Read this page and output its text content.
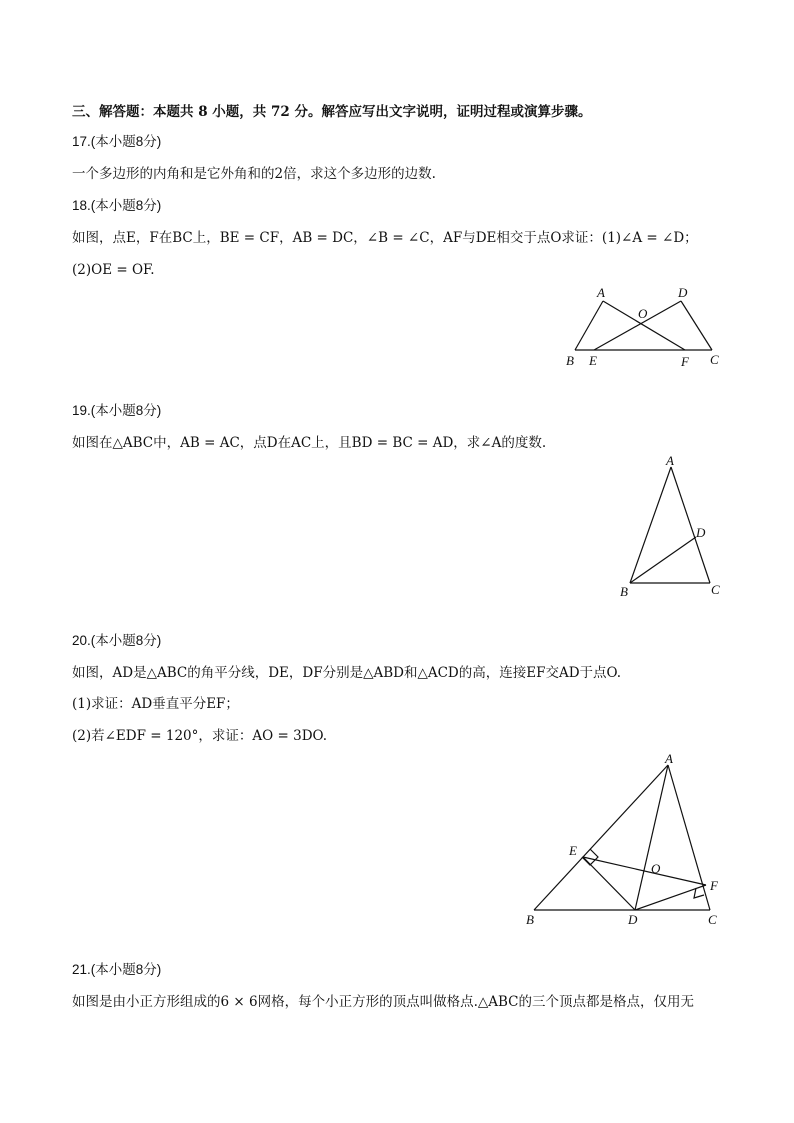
三、解答题：本题共 8 小题，共 72 分。解答应写出文字说明，证明过程或演算步骤。
17.(本小题8分)
一个多边形的内角和是它外角和的2倍，求这个多边形的边数.
18.(本小题8分)
如图，点E，F在BC上，BE = CF，AB = DC，∠B = ∠C，AF与DE相交于点O求证：(1)∠A = ∠D；
(2)OE = OF.
A	D
O
B E	F C
19.(本小题8分)
如图在△ABC中，AB = AC，点D在AC上，且BD = BC = AD，求∠A的度数.
A
D
B	C
20.(本小题8分)
如图，AD是△ABC的角平分线，DE，DF分别是△ABD和△ACD的高，连接EF交AD于点O.
(1)求证：AD垂直平分EF；
(2)若∠EDF = 120°，求证：AO = 3DO.
A
E
O
F
B	D	C
21.(本小题8分)
如图是由小正方形组成的6 × 6网格，每个小正方形的顶点叫做格点.△ABC的三个顶点都是格点，仅用无
